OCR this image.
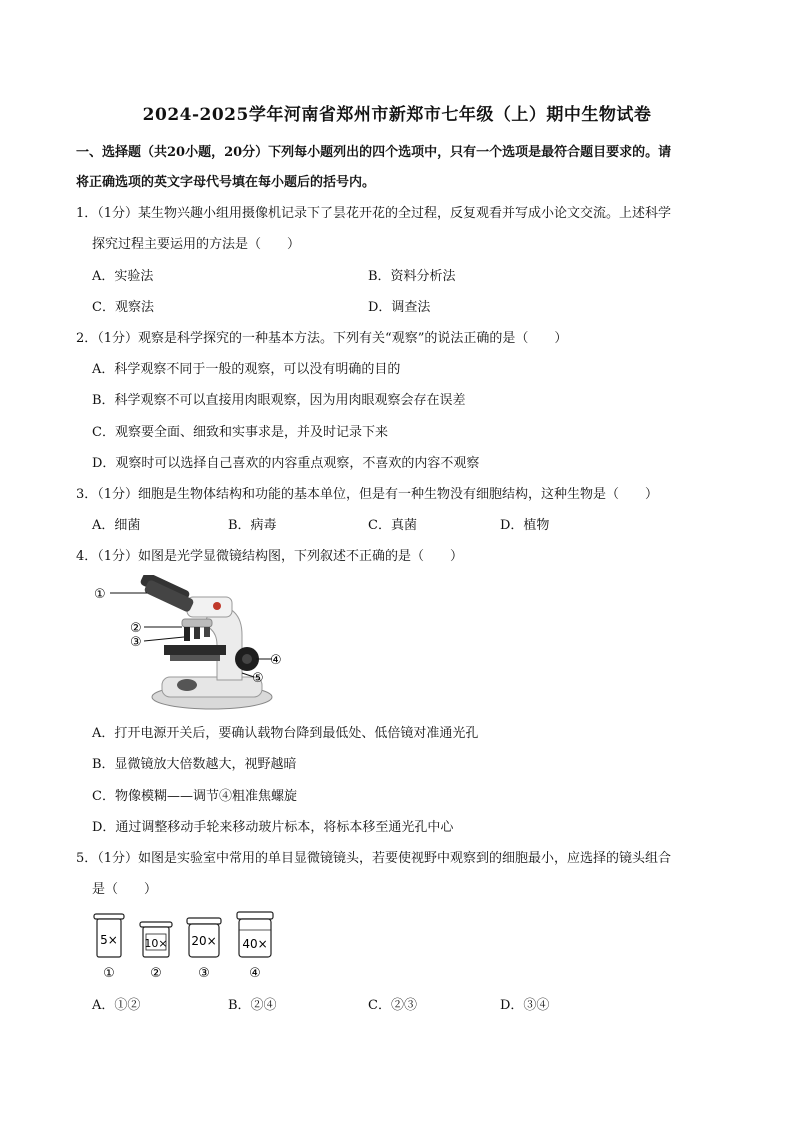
2024-2025学年河南省郑州市新郑市七年级（上）期中生物试卷
一、选择题（共20小题，20分）下列每小题列出的四个选项中，只有一个选项是最符合题目要求的。请
将正确选项的英文字母代号填在每小题后的括号内。
1．（1分）某生物兴趣小组用摄像机记录下了昙花开花的全过程，反复观看并写成小论文交流。上述科学
探究过程主要运用的方法是（　　）
A．实验法	B．资料分析法
C．观察法	D．调查法
2．（1分）观察是科学探究的一种基本方法。下列有关“观察”的说法正确的是（　　）
A．科学观察不同于一般的观察，可以没有明确的目的
B．科学观察不可以直接用肉眼观察，因为用肉眼观察会存在误差
C．观察要全面、细致和实事求是，并及时记录下来
D．观察时可以选择自己喜欢的内容重点观察，不喜欢的内容不观察
3．（1分）细胞是生物体结构和功能的基本单位，但是有一种生物没有细胞结构，这种生物是（　　）
A．细菌	B．病毒	C．真菌	D．植物
4．（1分）如图是光学显微镜结构图，下列叙述不正确的是（　　）
①
②
③
④
⑤
A．打开电源开关后，要确认载物台降到最低处、低倍镜对准通光孔
B．显微镜放大倍数越大，视野越暗
C．物像模糊——调节④粗准焦螺旋
D．通过调整移动手轮来移动玻片标本，将标本移至通光孔中心
5．（1分）如图是实验室中常用的单目显微镜镜头，若要使视野中观察到的细胞最小，应选择的镜头组合
是（　　）
5×
①
10×
②
20×
③
40×
④
A．①②	B．②④	C．②③	D．③④
